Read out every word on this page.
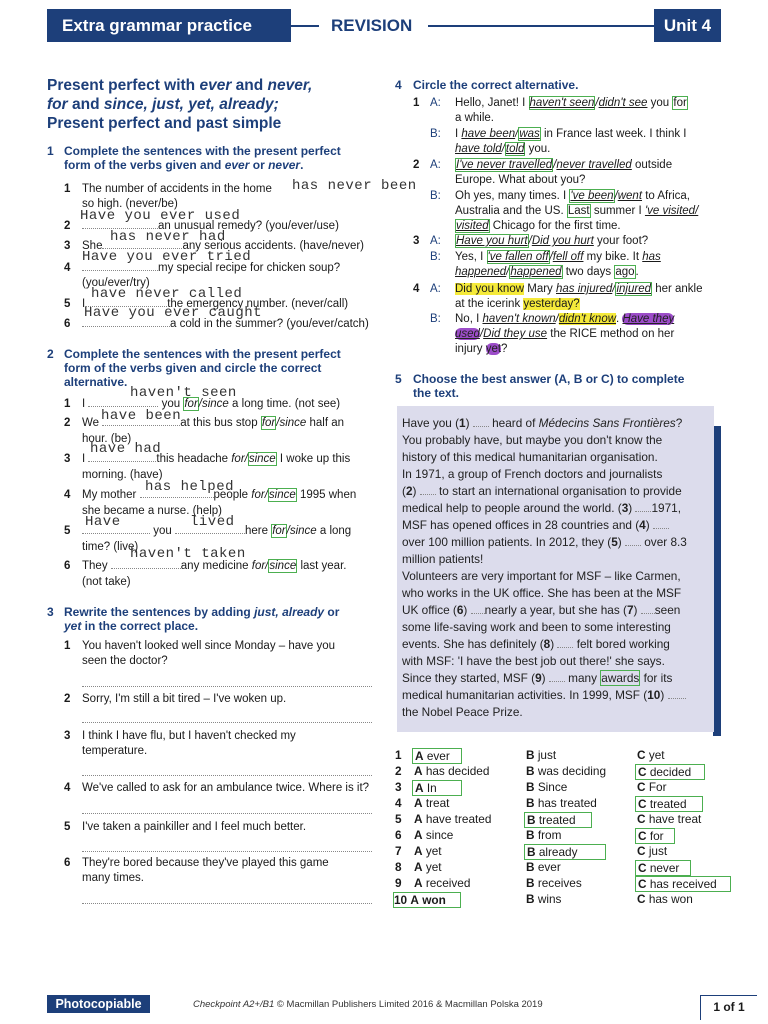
Extra grammar practice	REVISION	Unit 4
Present perfect with ever and never,
for and since, just, yet, already;
Present perfect and past simple
1 Complete the sentences with the present perfect
form of the verbs given and ever or never.
1 The number of accidents in the home	has never been
so high. (never/be)
Have you ever used
2	an unusual remedy? (you/ever/use)
has never had
3 She	any serious accidents. (have/never)
Have you ever tried
4	my special recipe for chicken soup?
(you/ever/try)
have never called
5 I	the emergency number. (never/call)
Have you ever caught
6	a cold in the summer? (you/ever/catch)
2 Complete the sentences with the present perfect
form of the verbs given and circle the correct
alternative.
haven't seen
1 I	you for/since a long time. (not see)
have been
2 We	at this bus stop for/since half an
hour. (be)
have had
3 I	this headache for/since I woke up this
morning. (have)
has helped
4 My mother	people for/since 1995 when
she became a nurse. (help)
Have	lived
5	you	here for/since a long
time? (live)
haven't taken
6 They	any medicine for/since last year.
(not take)
3 Rewrite the sentences by adding just, already or
yet in the correct place.
1 You haven't looked well since Monday – have you
seen the doctor?
2 Sorry, I'm still a bit tired – I've woken up.
3 I think I have flu, but I haven't checked my
temperature.
4 We've called to ask for an ambulance twice. Where is it?
5 I've taken a painkiller and I feel much better.
6 They're bored because they've played this game
many times.
4 Circle the correct alternative.
1 A: Hello, Janet! I haven't seen/didn't see you for
a while.
B: I have been/was in France last week. I think I
have told/told you.
2 A: I've never travelled/never travelled outside
Europe. What about you?
B: Oh yes, many times. I 've been/went to Africa,
Australia and the US. Last summer I 've visited/
visited Chicago for the first time.
3 A: Have you hurt/Did you hurt your foot?
B: Yes, I 've fallen off/fell off my bike. It has
happened/happened two days ago.
4 A: Did you know Mary has injured/injured her ankle
at the icerink yesterday?
B: No, I haven't known/didn't know. Have they
used/Did they use the RICE method on her
injury yet?
5 Choose the best answer (A, B or C) to complete
the text.
Have you (1)  heard of Médecins Sans Frontières?
You probably have, but maybe you don't know the
history of this medical humanitarian organisation.
In 1971, a group of French doctors and journalists
(2)  to start an international organisation to provide
medical help to people around the world. (3) 1971,
MSF has opened offices in 28 countries and (4)
over 100 million patients. In 2012, they (5)  over 8.3
million patients!
Volunteers are very important for MSF – like Carmen,
who works in the UK office. She has been at the MSF
UK office (6) nearly a year, but she has (7) seen
some life-saving work and been to some interesting
events. She has definitely (8)  felt bored working
with MSF: 'I have the best job out there!' she says.
Since they started, MSF (9)  many awards for its
medical humanitarian activities. In 1999, MSF (10)
the Nobel Peace Prize.
1 A ever	B just	C yet
2 A has decided	B was deciding	C decided
3 A In	B Since	C For
4 A treat	B has treated	C treated
5 A have treated	B treated	C have treat
6 A since	B from	C for
7 A yet	B already	C just
8 A yet	B ever	C never
9 A received	B receives	C has received
10 A won	B wins	C has won
Photocopiable	Checkpoint A2+/B1 © Macmillan Publishers Limited 2016 & Macmillan Polska 2019	1 of 1
